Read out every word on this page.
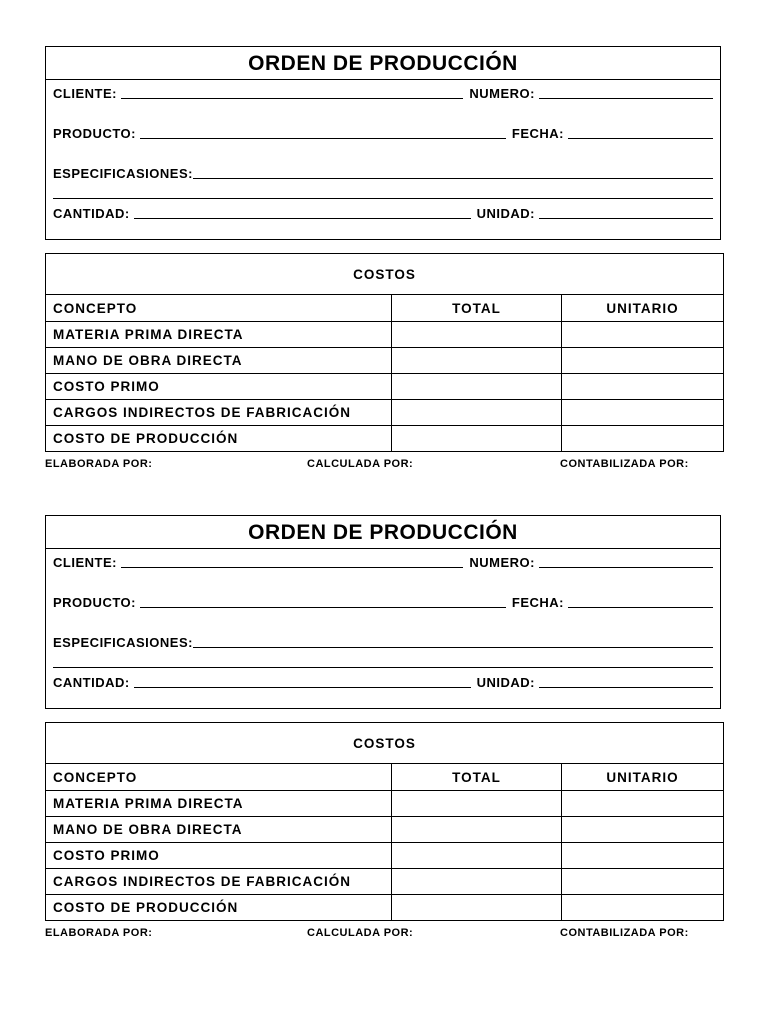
ORDEN DE PRODUCCIÓN
CLIENTE:	NUMERO:
PRODUCTO:	FECHA:
ESPECIFICASIONES:
CANTIDAD:	UNIDAD:
COSTOS		
CONCEPTO	TOTAL	UNITARIO
MATERIA PRIMA DIRECTA		
MANO DE OBRA DIRECTA		
COSTO PRIMO		
CARGOS INDIRECTOS DE FABRICACIÓN		
COSTO DE PRODUCCIÓN		
ELABORADA POR:	CALCULADA POR:	CONTABILIZADA POR:
ORDEN DE PRODUCCIÓN
CLIENTE:	NUMERO:
PRODUCTO:	FECHA:
ESPECIFICASIONES:
CANTIDAD:	UNIDAD:
COSTOS		
CONCEPTO	TOTAL	UNITARIO
MATERIA PRIMA DIRECTA		
MANO DE OBRA DIRECTA		
COSTO PRIMO		
CARGOS INDIRECTOS DE FABRICACIÓN		
COSTO DE PRODUCCIÓN		
ELABORADA POR:	CALCULADA POR:	CONTABILIZADA POR:
